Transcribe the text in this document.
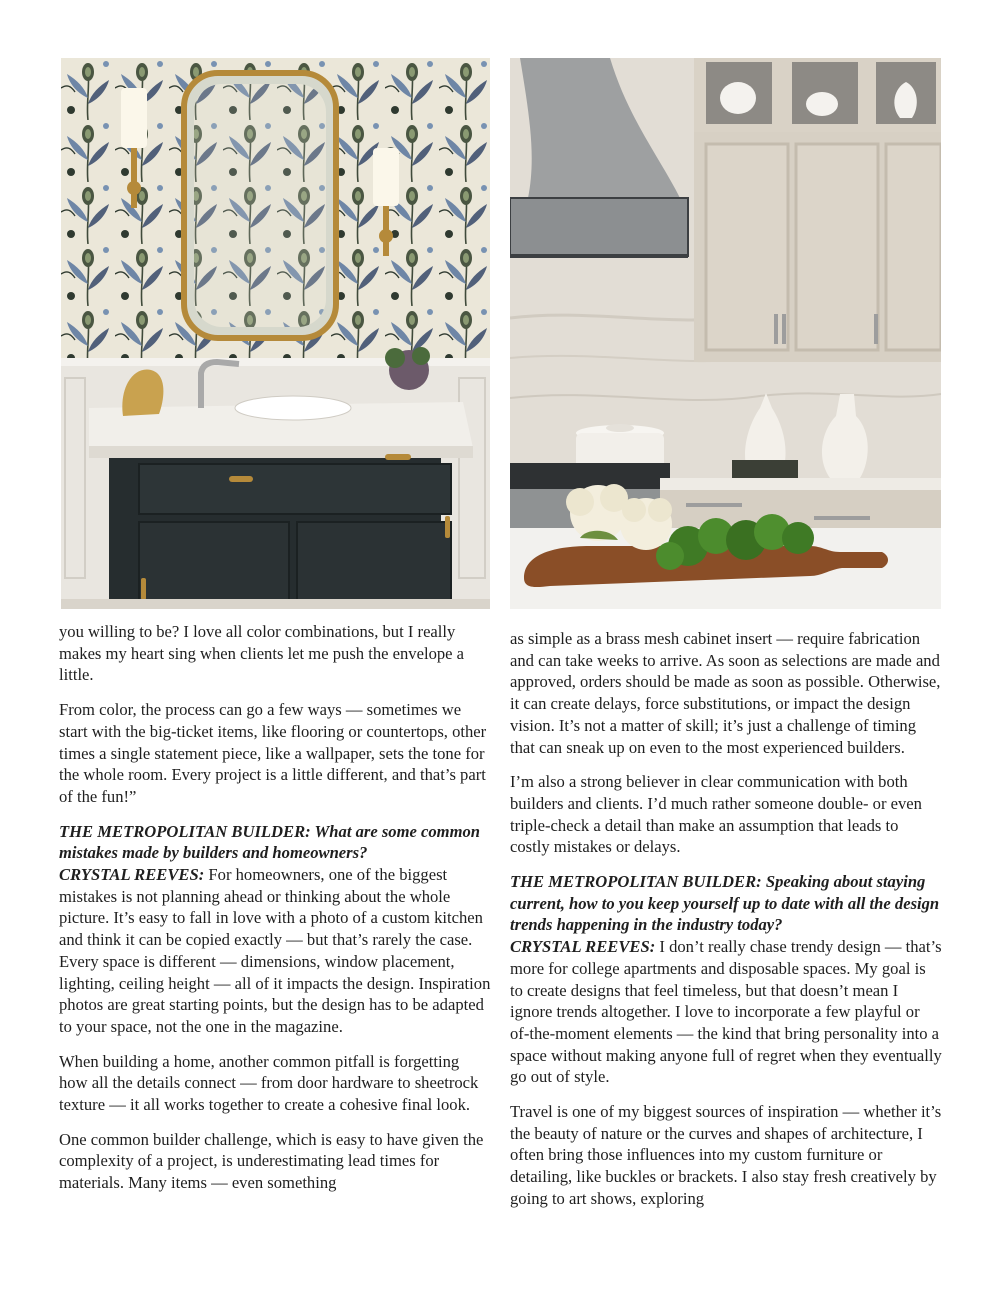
you willing to be? I love all color combinations, but I really makes my heart sing when clients let me push the envelope a little.

From color, the process can go a few ways — sometimes we start with the big-ticket items, like flooring or countertops, other times a single statement piece, like a wallpaper, sets the tone for the whole room. Every project is a little different, and that’s part of the fun!”

THE METROPOLITAN BUILDER: What are some common mistakes made by builders and homeowners?
CRYSTAL REEVES: For homeowners, one of the biggest mistakes is not planning ahead or thinking about the whole picture. It’s easy to fall in love with a photo of a custom kitchen and think it can be copied exactly — but that’s rarely the case. Every space is different — dimensions, window placement, lighting, ceiling height — all of it impacts the design. Inspiration photos are great starting points, but the design has to be adapted to your space, not the one in the magazine.

When building a home, another common pitfall is forgetting how all the details connect — from door hardware to sheetrock texture — it all works together to create a cohesive final look.

One common builder challenge, which is easy to have given the complexity of a project, is underestimating lead times for materials. Many items — even something

as simple as a brass mesh cabinet insert — require fabrication and can take weeks to arrive. As soon as selections are made and approved, orders should be made as soon as possible. Otherwise, it can create delays, force substitutions, or impact the design vision. It’s not a matter of skill; it’s just a challenge of timing that can sneak up on even to the most experienced builders.

I’m also a strong believer in clear communication with both builders and clients. I’d much rather someone double- or even triple-check a detail than make an assumption that leads to costly mistakes or delays.

THE METROPOLITAN BUILDER: Speaking about staying current, how to you keep yourself up to date with all the design trends happening in the industry today?
CRYSTAL REEVES: I don’t really chase trendy design — that’s more for college apartments and disposable spaces. My goal is to create designs that feel timeless, but that doesn’t mean I ignore trends altogether. I love to incorporate a few playful or of-the-moment elements — the kind that bring personality into a space without making anyone full of regret when they eventually go out of style.

Travel is one of my biggest sources of inspiration — whether it’s the beauty of nature or the curves and shapes of architecture, I often bring those influences into my custom furniture or detailing, like buckles or brackets. I also stay fresh creatively by going to art shows, exploring
